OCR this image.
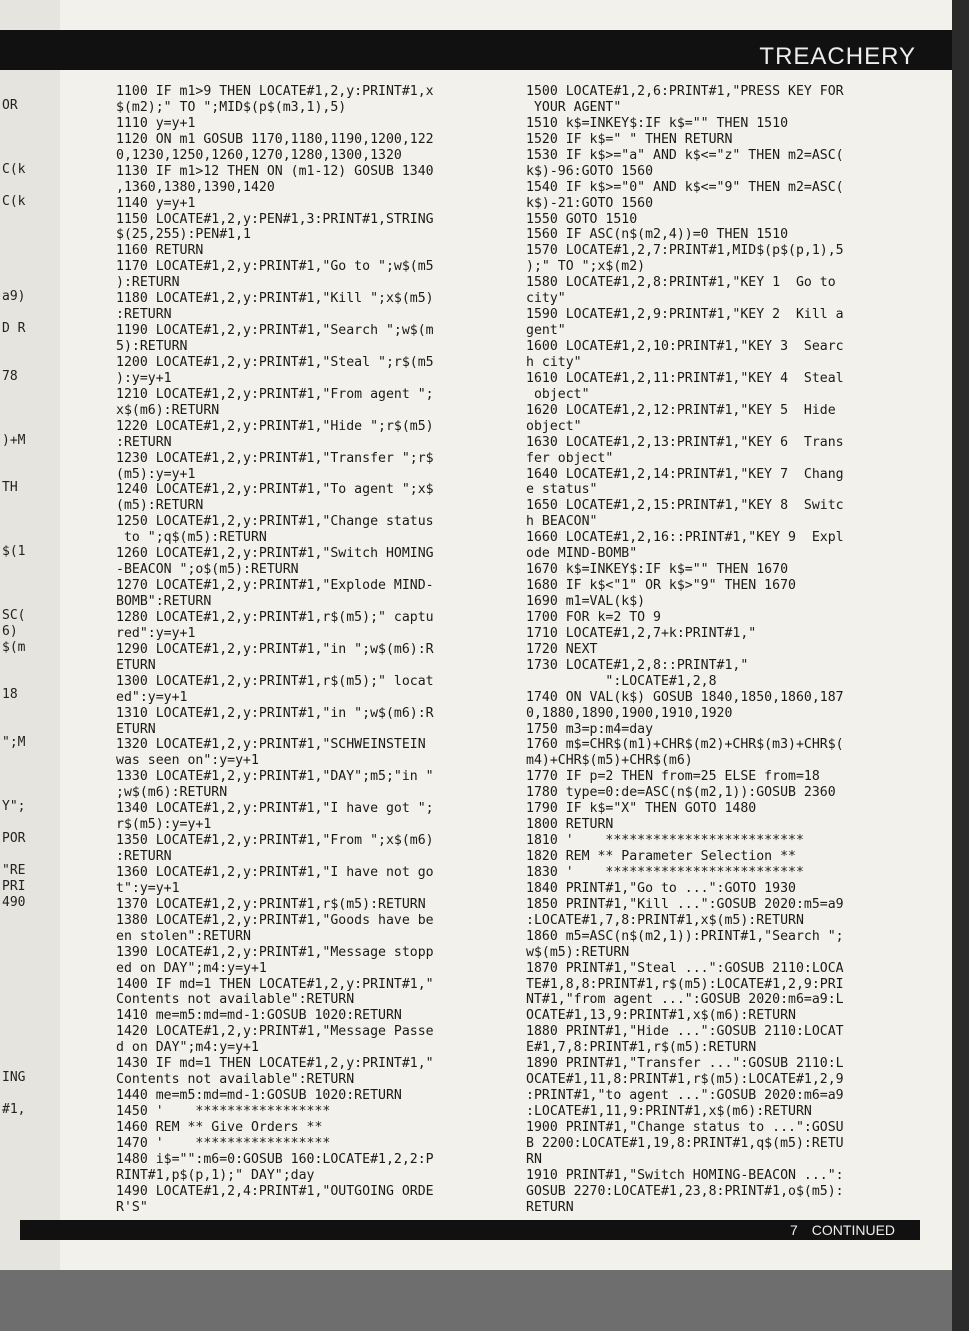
OR
C(k
C(k
a9)
D R
78
)+M
TH
$(1
SC(
6)
$(m
18
";M
Y";
POR
"RE
PRI
490
ING
#1,
TREACHERY
1100 IF m1>9 THEN LOCATE#1,2,y:PRINT#1,x
$(m2);" TO ";MID$(p$(m3,1),5)
1110 y=y+1
1120 ON m1 GOSUB 1170,1180,1190,1200,122
0,1230,1250,1260,1270,1280,1300,1320
1130 IF m1>12 THEN ON (m1-12) GOSUB 1340
,1360,1380,1390,1420
1140 y=y+1
1150 LOCATE#1,2,y:PEN#1,3:PRINT#1,STRING
$(25,255):PEN#1,1
1160 RETURN
1170 LOCATE#1,2,y:PRINT#1,"Go to ";w$(m5
):RETURN
1180 LOCATE#1,2,y:PRINT#1,"Kill ";x$(m5)
:RETURN
1190 LOCATE#1,2,y:PRINT#1,"Search ";w$(m
5):RETURN
1200 LOCATE#1,2,y:PRINT#1,"Steal ";r$(m5
):y=y+1
1210 LOCATE#1,2,y:PRINT#1,"From agent ";
x$(m6):RETURN
1220 LOCATE#1,2,y:PRINT#1,"Hide ";r$(m5)
:RETURN
1230 LOCATE#1,2,y:PRINT#1,"Transfer ";r$
(m5):y=y+1
1240 LOCATE#1,2,y:PRINT#1,"To agent ";x$
(m5):RETURN
1250 LOCATE#1,2,y:PRINT#1,"Change status
to ";q$(m5):RETURN
1260 LOCATE#1,2,y:PRINT#1,"Switch HOMING
-BEACON ";o$(m5):RETURN
1270 LOCATE#1,2,y:PRINT#1,"Explode MIND-
BOMB":RETURN
1280 LOCATE#1,2,y:PRINT#1,r$(m5);" captu
red":y=y+1
1290 LOCATE#1,2,y:PRINT#1,"in ";w$(m6):R
ETURN
1300 LOCATE#1,2,y:PRINT#1,r$(m5);" locat
ed":y=y+1
1310 LOCATE#1,2,y:PRINT#1,"in ";w$(m6):R
ETURN
1320 LOCATE#1,2,y:PRINT#1,"SCHWEINSTEIN
was seen on":y=y+1
1330 LOCATE#1,2,y:PRINT#1,"DAY";m5;"in "
;w$(m6):RETURN
1340 LOCATE#1,2,y:PRINT#1,"I have got ";
r$(m5):y=y+1
1350 LOCATE#1,2,y:PRINT#1,"From ";x$(m6)
:RETURN
1360 LOCATE#1,2,y:PRINT#1,"I have not go
t":y=y+1
1370 LOCATE#1,2,y:PRINT#1,r$(m5):RETURN
1380 LOCATE#1,2,y:PRINT#1,"Goods have be
en stolen":RETURN
1390 LOCATE#1,2,y:PRINT#1,"Message stopp
ed on DAY";m4:y=y+1
1400 IF md=1 THEN LOCATE#1,2,y:PRINT#1,"
Contents not available":RETURN
1410 me=m5:md=md-1:GOSUB 1020:RETURN
1420 LOCATE#1,2,y:PRINT#1,"Message Passe
d on DAY";m4:y=y+1
1430 IF md=1 THEN LOCATE#1,2,y:PRINT#1,"
Contents not available":RETURN
1440 me=m5:md=md-1:GOSUB 1020:RETURN
1450 '    *****************
1460 REM ** Give Orders **
1470 '    *****************
1480 i$="":m6=0:GOSUB 160:LOCATE#1,2,2:P
RINT#1,p$(p,1);" DAY";day
1490 LOCATE#1,2,4:PRINT#1,"OUTGOING ORDE
R'S"
1500 LOCATE#1,2,6:PRINT#1,"PRESS KEY FOR
YOUR AGENT"
1510 k$=INKEY$:IF k$="" THEN 1510
1520 IF k$=" " THEN RETURN
1530 IF k$>="a" AND k$<="z" THEN m2=ASC(
k$)-96:GOTO 1560
1540 IF k$>="0" AND k$<="9" THEN m2=ASC(
k$)-21:GOTO 1560
1550 GOTO 1510
1560 IF ASC(n$(m2,4))=0 THEN 1510
1570 LOCATE#1,2,7:PRINT#1,MID$(p$(p,1),5
);" TO ";x$(m2)
1580 LOCATE#1,2,8:PRINT#1,"KEY 1  Go to
city"
1590 LOCATE#1,2,9:PRINT#1,"KEY 2  Kill a
gent"
1600 LOCATE#1,2,10:PRINT#1,"KEY 3  Searc
h city"
1610 LOCATE#1,2,11:PRINT#1,"KEY 4  Steal
object"
1620 LOCATE#1,2,12:PRINT#1,"KEY 5  Hide
object"
1630 LOCATE#1,2,13:PRINT#1,"KEY 6  Trans
fer object"
1640 LOCATE#1,2,14:PRINT#1,"KEY 7  Chang
e status"
1650 LOCATE#1,2,15:PRINT#1,"KEY 8  Switc
h BEACON"
1660 LOCATE#1,2,16::PRINT#1,"KEY 9  Expl
ode MIND-BOMB"
1670 k$=INKEY$:IF k$="" THEN 1670
1680 IF k$<"1" OR k$>"9" THEN 1670
1690 m1=VAL(k$)
1700 FOR k=2 TO 9
1710 LOCATE#1,2,7+k:PRINT#1,"
1720 NEXT
1730 LOCATE#1,2,8::PRINT#1,"
":LOCATE#1,2,8
1740 ON VAL(k$) GOSUB 1840,1850,1860,187
0,1880,1890,1900,1910,1920
1750 m3=p:m4=day
1760 m$=CHR$(m1)+CHR$(m2)+CHR$(m3)+CHR$(
m4)+CHR$(m5)+CHR$(m6)
1770 IF p=2 THEN from=25 ELSE from=18
1780 type=0:de=ASC(n$(m2,1)):GOSUB 2360
1790 IF k$="X" THEN GOTO 1480
1800 RETURN
1810 '    *************************
1820 REM ** Parameter Selection **
1830 '    *************************
1840 PRINT#1,"Go to ...":GOTO 1930
1850 PRINT#1,"Kill ...":GOSUB 2020:m5=a9
:LOCATE#1,7,8:PRINT#1,x$(m5):RETURN
1860 m5=ASC(n$(m2,1)):PRINT#1,"Search ";
w$(m5):RETURN
1870 PRINT#1,"Steal ...":GOSUB 2110:LOCA
TE#1,8,8:PRINT#1,r$(m5):LOCATE#1,2,9:PRI
NT#1,"from agent ...":GOSUB 2020:m6=a9:L
OCATE#1,13,9:PRINT#1,x$(m6):RETURN
1880 PRINT#1,"Hide ...":GOSUB 2110:LOCAT
E#1,7,8:PRINT#1,r$(m5):RETURN
1890 PRINT#1,"Transfer ...":GOSUB 2110:L
OCATE#1,11,8:PRINT#1,r$(m5):LOCATE#1,2,9
:PRINT#1,"to agent ...":GOSUB 2020:m6=a9
:LOCATE#1,11,9:PRINT#1,x$(m6):RETURN
1900 PRINT#1,"Change status to ...":GOSU
B 2200:LOCATE#1,19,8:PRINT#1,q$(m5):RETU
RN
1910 PRINT#1,"Switch HOMING-BEACON ...":
GOSUB 2270:LOCATE#1,23,8:PRINT#1,o$(m5):
RETURN
7 CONTINUED
